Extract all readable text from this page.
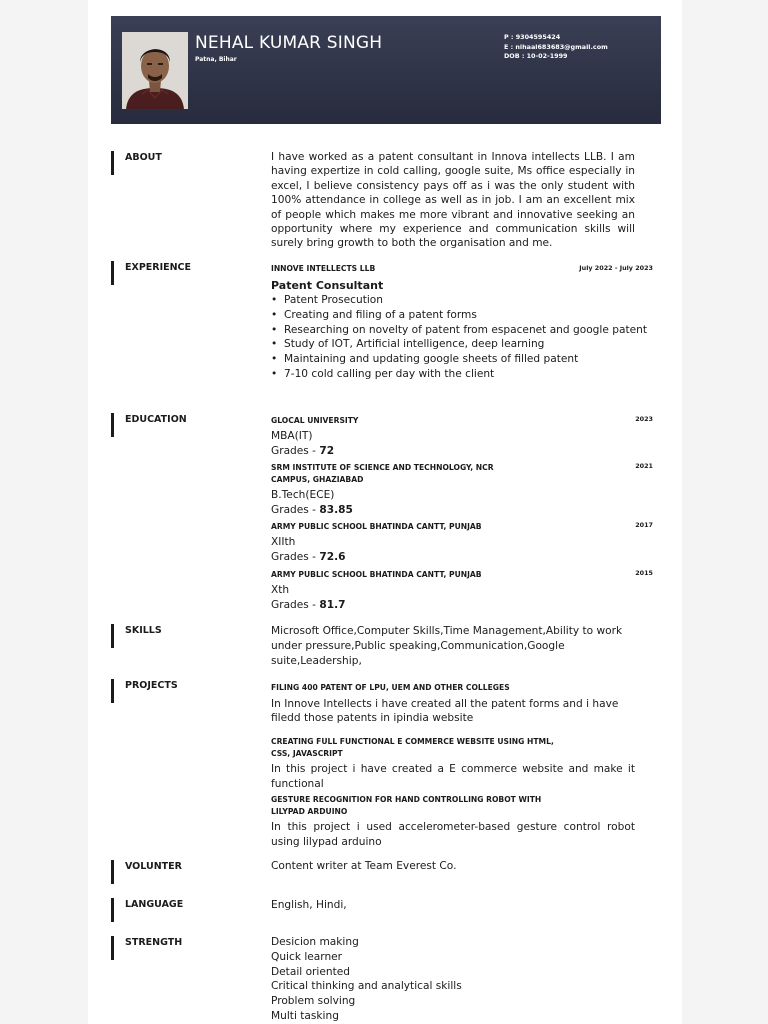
NEHAL KUMAR SINGH
Patna, Bihar
P : 9304595424
E : nihaal683683@gmail.com
DOB : 10-02-1999
ABOUT	I have worked as a patent consultant in Innova intellects LLB. I am having expertize in cold calling, google suite, Ms office especially in excel, I believe consistency pays off as i was the only student with 100% attendance in college as well as in job. I am an excellent mix of people which makes me more vibrant and innovative seeking an opportunity where my experience and communication skills will surely bring growth to both the organisation and me.

EXPERIENCE	INNOVE INTELLECTS LLB	July 2022 - July 2023
Patent Consultant
• Patent Prosecution
• Creating and filing of a patent forms
• Researching on novelty of patent from espacenet and google patent
• Study of IOT, Artificial intelligence, deep learning
• Maintaining and updating google sheets of filled patent
• 7-10 cold calling per day with the client
EDUCATION	GLOCAL UNIVERSITY	2023
MBA(IT)
Grades - 72
SRM INSTITUTE OF SCIENCE AND TECHNOLOGY, NCR CAMPUS, GHAZIABAD
2021
B.Tech(ECE)
Grades - 83.85
ARMY PUBLIC SCHOOL BHATINDA CANTT, PUNJAB	2017
XIIth
Grades - 72.6
ARMY PUBLIC SCHOOL BHATINDA CANTT, PUNJAB	2015
Xth
Grades - 81.7
SKILLS	Microsoft Office,Computer Skills,Time Management,Ability to work under pressure,Public speaking,Communication,Google suite,Leadership,
PROJECTS	FILING 400 PATENT OF LPU, UEM AND OTHER COLLEGES
In Innove Intellects i have created all the patent forms and i have filedd those patents in ipindia website
CREATING FULL FUNCTIONAL E COMMERCE WEBSITE USING HTML, CSS, JAVASCRIPT
In this project i have created a E commerce website and make it functional
GESTURE RECOGNITION FOR HAND CONTROLLING ROBOT WITH LILYPAD ARDUINO
In this project i used accelerometer-based gesture control robot using lilypad arduino
VOLUNTER	Content writer at Team Everest Co.
LANGUAGE	English, Hindi,
STRENGTH	Desicion making
Quick learner
Detail oriented
Critical thinking and analytical skills
Problem solving
Multi tasking
